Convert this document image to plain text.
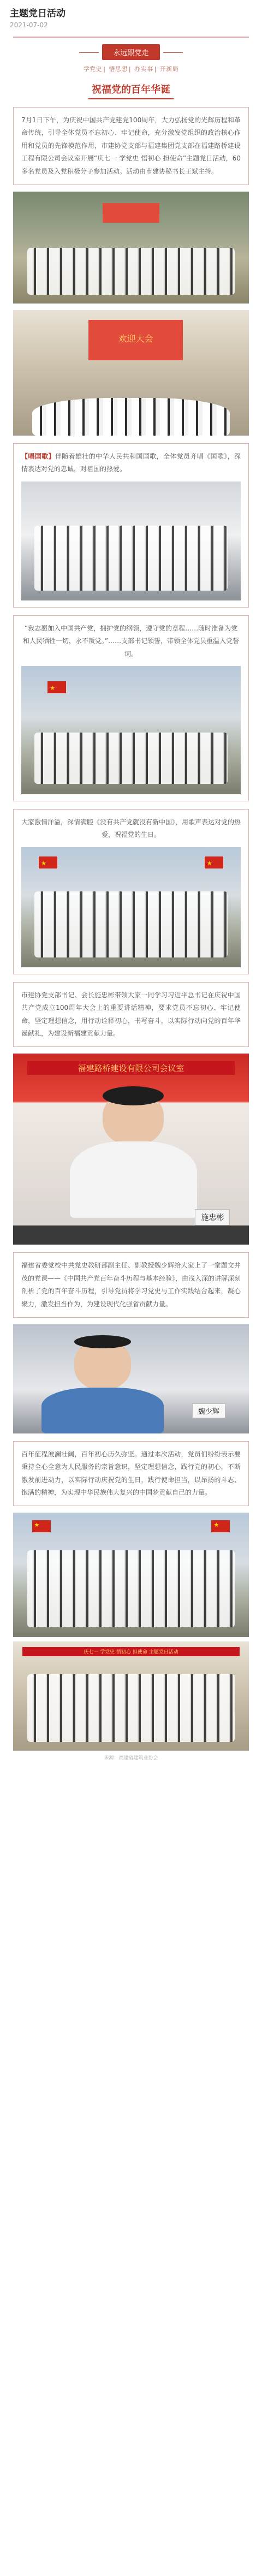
主题党日活动
2021-07-02
永远跟党走
学党史 | 悟思想 | 办实事 | 开新局
祝福党的百年华诞
7月1日下午，为庆祝中国共产党建党100周年，大力弘扬党的光辉历程和革命传统，引导全体党员不忘初心、牢记使命，充分激发党组织的政治核心作用和党员的先锋模范作用，市建协党支部与福建集团党支部在福建路桥建设工程有限公司会议室开展“庆七一 学党史 悟初心 担使命”主题党日活动，60多名党员及入党积极分子参加活动。活动由市建协秘书长王斌主持。
欢迎大会
【唱国歌】伴随着雄壮的中华人民共和国国歌，全体党员齐唱《国歌》，深情表达对党的忠诚，对祖国的热爱。
“我志愿加入中国共产党，拥护党的纲领，遵守党的章程……随时准备为党和人民牺牲一切，永不叛党。”……支部书记领誓，带领全体党员重温入党誓词。
★
大家激情洋溢，深情满腔《没有共产党就没有新中国》，用歌声表达对党的热爱，祝福党的生日。
★
★
市建协党支部书记、会长施忠彬带领大家一同学习习近平总书记在庆祝中国共产党成立100周年大会上的重要讲话精神，要求党员不忘初心、牢记使命，坚定理想信念，用行动诠释初心，书写奋斗，以实际行动向党的百年华诞献礼，为建设新福建贡献力量。
福建路桥建设有限公司会议室
施忠彬
福建省委党校中共党史教研部副主任、副教授魏少辉给大家上了一堂题文并茂的党课——《中国共产党百年奋斗历程与基本经验》，由浅入深的讲解深刻剖析了党的百年奋斗历程，引导党员将学习党史与工作实践结合起来，凝心聚力，激发担当作为，为建设现代化强省贡献力量。
魏少辉
百年征程波澜壮阔，百年初心历久弥坚。通过本次活动，党员们纷纷表示要秉持全心全意为人民服务的宗旨意识，坚定理想信念，践行党的初心，不断激发前进动力，以实际行动庆祝党的生日，践行使命担当，以昂扬的斗志、饱满的精神，为实现中华民族伟大复兴的中国梦贡献自己的力量。
★
★
庆七一 学党史 悟初心 担使命 主题党日活动
来源：福建省建筑业协会
